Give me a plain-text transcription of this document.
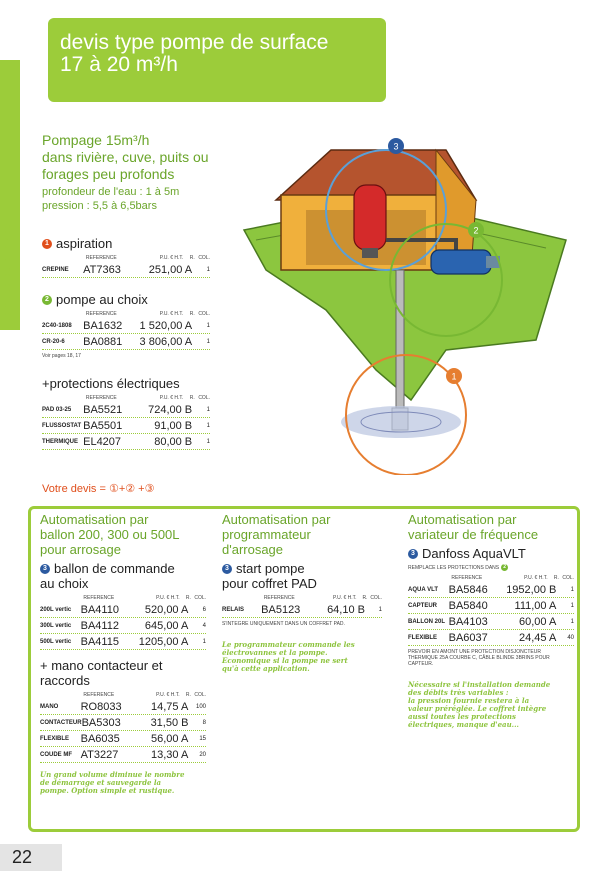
pompes de surface
devis type pompe de surface
17 à 20 m³/h
Pompage 15m³/h
dans rivière, cuve, puits ou
forages peu profonds
profondeur de l'eau : 1 à 5m
pression : 5,5 à 6,5bars
3
2
1
1 aspiration
REFERENCE	P.U. € H.T.	R. COL.
CREPINE	AT7363	251,00 A	1
2 pompe au choix
REFERENCE	P.U. € H.T.	R. COL.
2C40-1808	BA1632	1 520,00 A	1
CR-20-6	BA0881	3 806,00 A	1
Voir pages 18, 17
+protections électriques
REFERENCE	P.U. € H.T.	R. COL.
PAD 03-25	BA5521	724,00 B	1
FLUSSOSTAT BA5501	91,00 B	1
THERMIQUE EL4207	80,00 B	1
Votre devis = ①+② +③
Automatisation par
ballon 200, 300 ou 500L
pour arrosage
3 ballon de commande
au choix
REFERENCE	P.U. € H.T.	R. COL.
200L vertic BA4110	520,00 A	6
300L vertic BA4112	645,00 A	4
500L vertic BA4115	1205,00 A	1
+ mano contacteur et
raccords
REFERENCE	P.U. € H.T.	R. COL.
MANO	RO8033	14,75 A	100
CONTACTEUR BA5303	31,50 B	8
FLEXIBLE	BA6035	56,00 A	15
COUDE MF AT3227	13,30 A	20
Un grand volume diminue le nombre
de démarrage et sauvegarde la
pompe. Option simple et rustique.
Automatisation par
programmateur
d'arrosage
3 start pompe
pour coffret PAD
REFERENCE	P.U. € H.T.	R. COL.
RELAIS	BA5123	64,10 B	1
S'INTEGRE UNIQUEMENT DANS UN COFFRET PAD.
Le programmateur commande les
électrovannes et la pompe.
Economique si la pompe ne sert
qu'à cette application.
Automatisation par
variateur de fréquence
3 Danfoss AquaVLT
REMPLACE LES PROTECTIONS DANS 2
REFERENCE	P.U. € H.T.	R. COL.
AQUA VLT BA5846	1952,00 B	1
CAPTEUR	BA5840	111,00 A	1
BALLON 20L BA4103	60,00 A	1
FLEXIBLE	BA6037	24,45 A	40
PREVOIR EN AMONT UNE PROTECTION DISJONCTEUR
THERMIQUE 25A COURBE C, CÂBLE BLINDE 3BRINS POUR
CAPTEUR.
Nécessaire si l'installation demande
des débits très variables :
la pression fournie restera à la
valeur préréglée. Le coffret intègre
aussi toutes les protections
électriques, manque d'eau...
22
